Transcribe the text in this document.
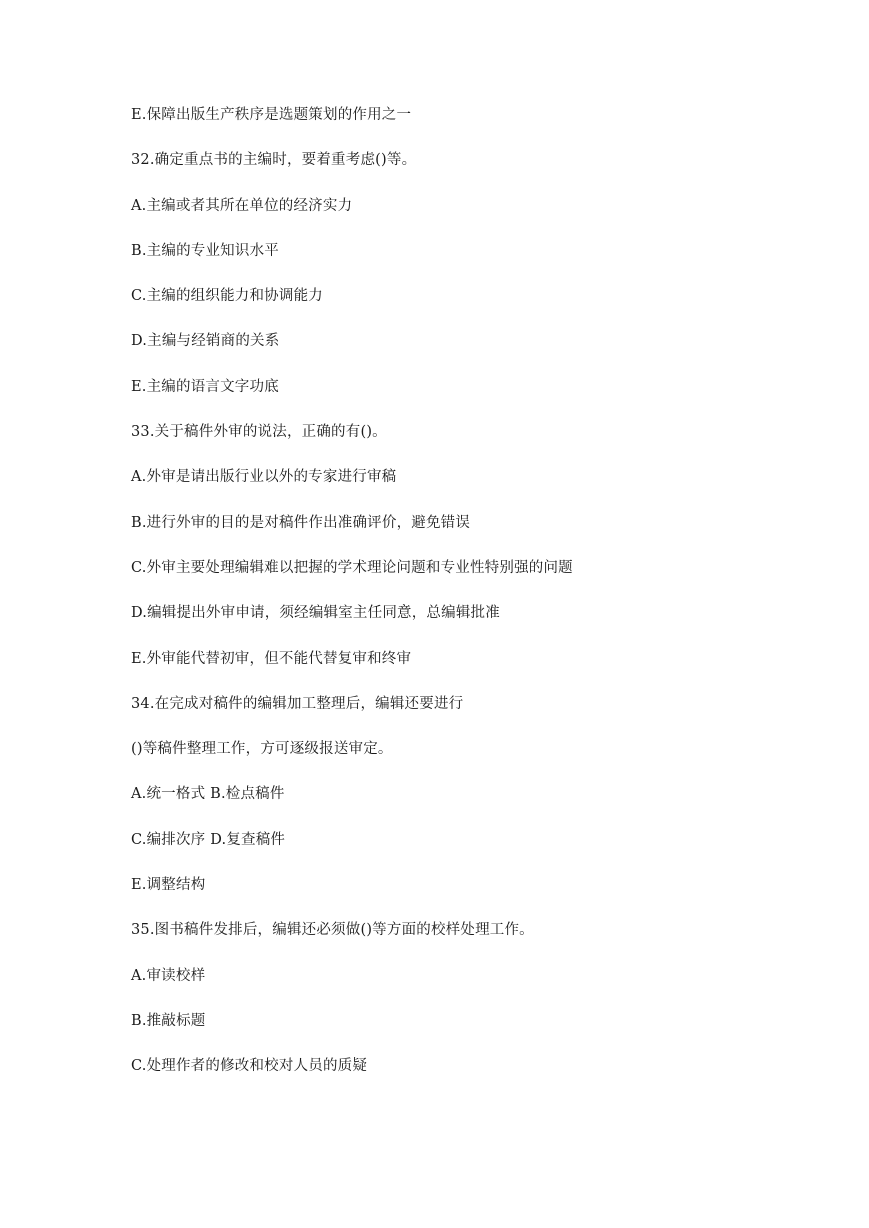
E.保障出版生产秩序是选题策划的作用之一

32.确定重点书的主编时，要着重考虑()等。

A.主编或者其所在单位的经济实力

B.主编的专业知识水平

C.主编的组织能力和协调能力

D.主编与经销商的关系

E.主编的语言文字功底

33.关于稿件外审的说法，正确的有()。

A.外审是请出版行业以外的专家进行审稿

B.进行外审的目的是对稿件作出准确评价，避免错误

C.外审主要处理编辑难以把握的学术理论问题和专业性特别强的问题

D.编辑提出外审申请，须经编辑室主任同意，总编辑批准

E.外审能代替初审，但不能代替复审和终审

34.在完成对稿件的编辑加工整理后，编辑还要进行

()等稿件整理工作，方可逐级报送审定。

A.统一格式 B.检点稿件

C.编排次序 D.复查稿件

E.调整结构

35.图书稿件发排后，编辑还必须做()等方面的校样处理工作。

A.审读校样

B.推敲标题

C.处理作者的修改和校对人员的质疑
